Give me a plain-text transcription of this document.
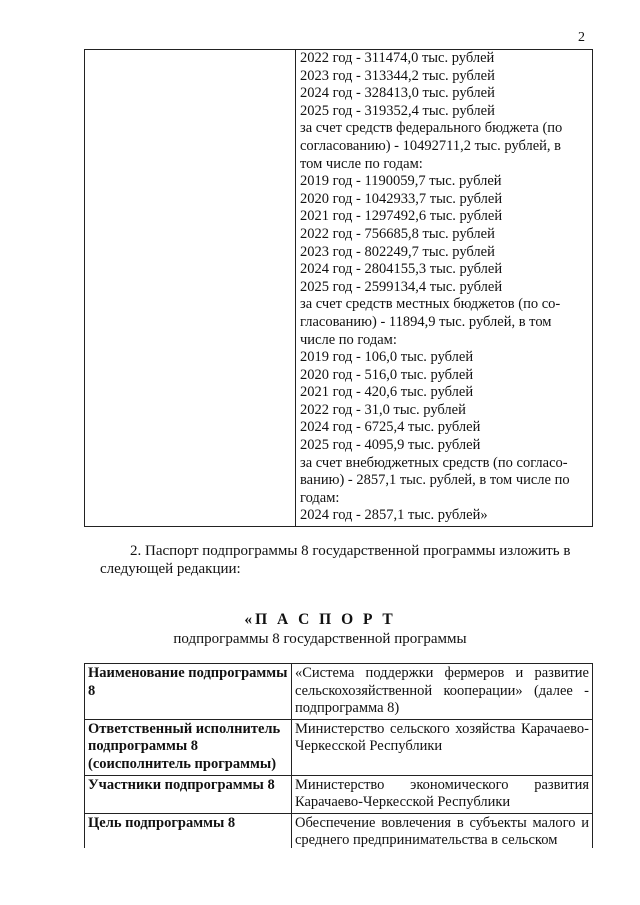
2

2022 год - 311474,0 тыс. рублей
2023 год - 313344,2 тыс. рублей
2024 год - 328413,0 тыс. рублей
2025 год - 319352,4 тыс. рублей
за счет средств федерального бюджета (по
согласованию) - 10492711,2 тыс. рублей, в
том числе по годам:
2019 год - 1190059,7 тыс. рублей
2020 год - 1042933,7 тыс. рублей
2021 год - 1297492,6 тыс. рублей
2022 год - 756685,8 тыс. рублей
2023 год - 802249,7 тыс. рублей
2024 год - 2804155,3 тыс. рублей
2025 год - 2599134,4 тыс. рублей
за счет средств местных бюджетов (по со-
гласованию) - 11894,9 тыс. рублей, в том
числе по годам:
2019 год - 106,0 тыс. рублей
2020 год - 516,0 тыс. рублей
2021 год - 420,6 тыс. рублей
2022 год - 31,0 тыс. рублей
2024 год - 6725,4 тыс. рублей
2025 год - 4095,9 тыс. рублей
за счет внебюджетных средств (по согласо-
ванию) - 2857,1 тыс. рублей, в том числе по
годам:
2024 год - 2857,1 тыс. рублей»
2. Паспорт подпрограммы 8 государственной программы изложить в
следующей редакции:
«П А С П О Р Т
подпрограммы 8 государственной программы
Наименование подпрограммы 8	«Система поддержки фермеров и развитие сельскохозяйственной кооперации» (далее - подпрограмма 8)
Ответственный исполнитель подпрограммы 8 (соисполнитель программы)	Министерство сельского хозяйства Карачаево-Черкесской Республики
Участники подпрограммы 8	Министерство экономического развития Карачаево-Черкесской Республики
Цель подпрограммы 8	Обеспечение вовлечения в субъекты малого и среднего предпринимательства в сельском
